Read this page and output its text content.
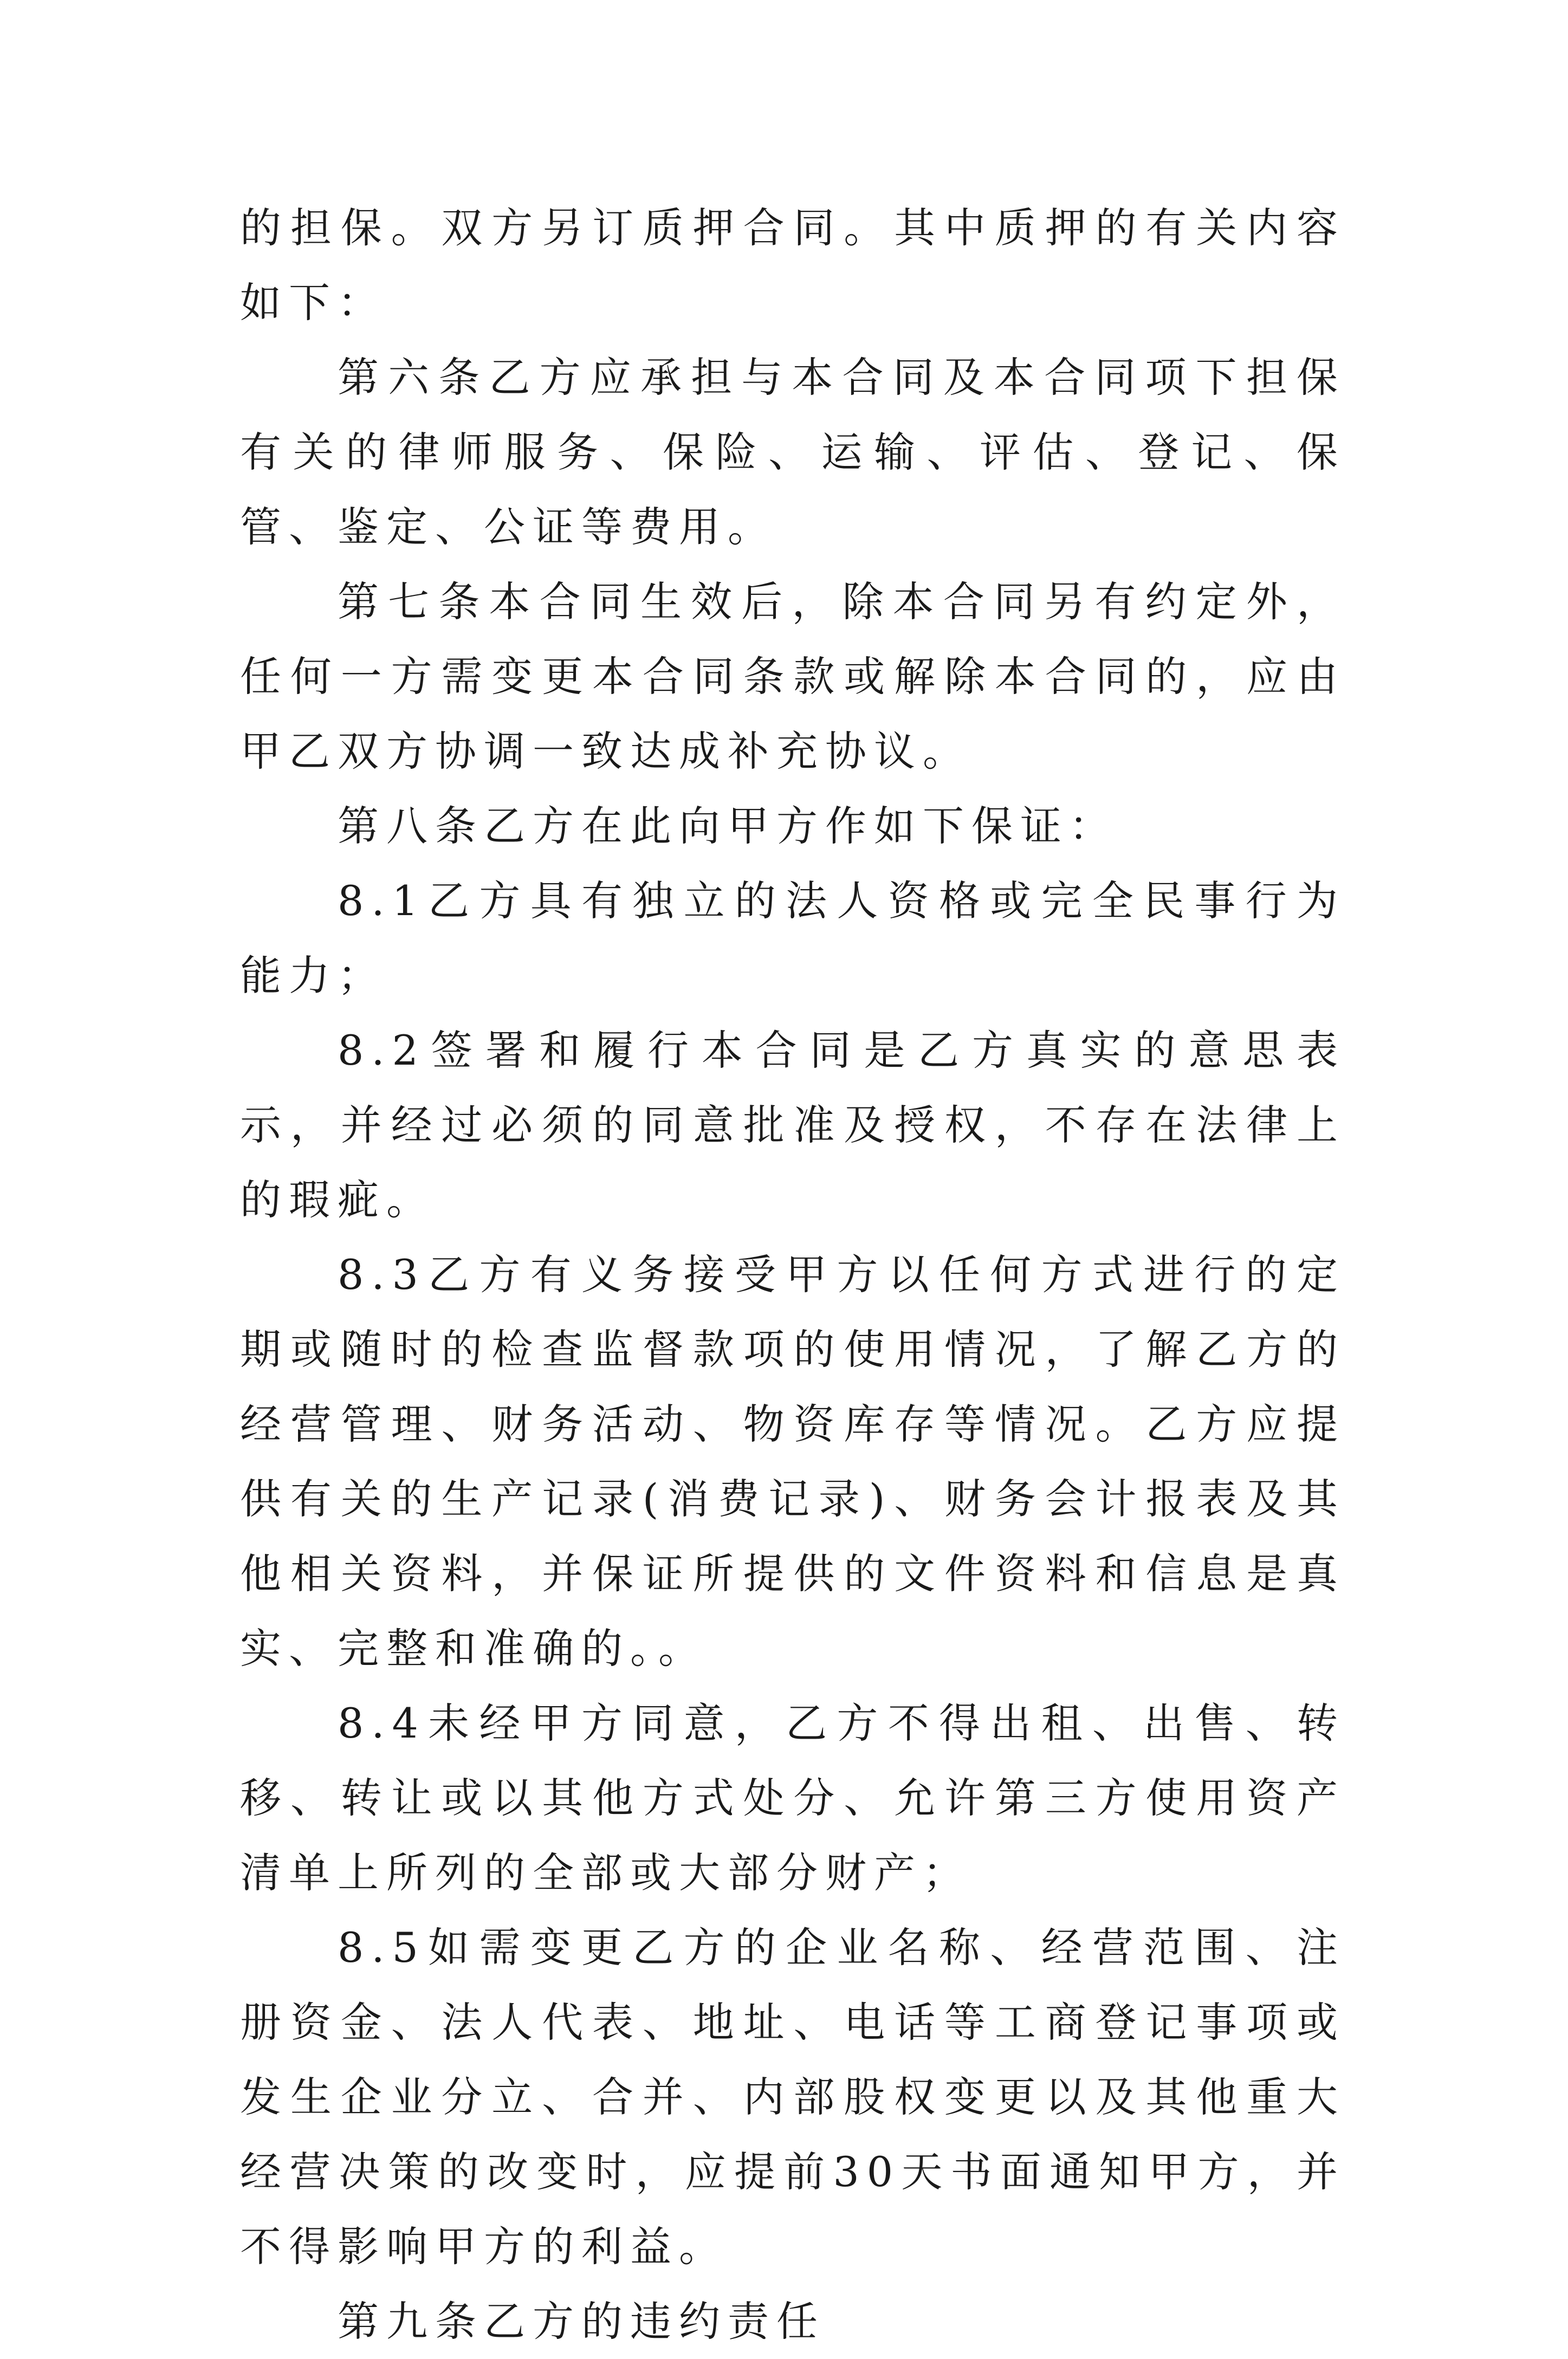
的担保。双方另订质押合同。其中质押的有关内容如下：

第六条乙方应承担与本合同及本合同项下担保有关的律师服务、保险、运输、评估、登记、保管、鉴定、公证等费用。

第七条本合同生效后，除本合同另有约定外，任何一方需变更本合同条款或解除本合同的，应由甲乙双方协调一致达成补充协议。

第八条乙方在此向甲方作如下保证：

8.1乙方具有独立的法人资格或完全民事行为能力；

8.2签署和履行本合同是乙方真实的意思表示，并经过必须的同意批准及授权，不存在法律上的瑕疵。

8.3乙方有义务接受甲方以任何方式进行的定期或随时的检查监督款项的使用情况，了解乙方的经营管理、财务活动、物资库存等情况。乙方应提供有关的生产记录(消费记录)、财务会计报表及其他相关资料，并保证所提供的文件资料和信息是真实、完整和准确的。。

8.4未经甲方同意，乙方不得出租、出售、转移、转让或以其他方式处分、允许第三方使用资产清单上所列的全部或大部分财产；

8.5如需变更乙方的企业名称、经营范围、注册资金、法人代表、地址、电话等工商登记事项或发生企业分立、合并、内部股权变更以及其他重大经营决策的改变时，应提前30天书面通知甲方，并不得影响甲方的利益。

第九条乙方的违约责任
